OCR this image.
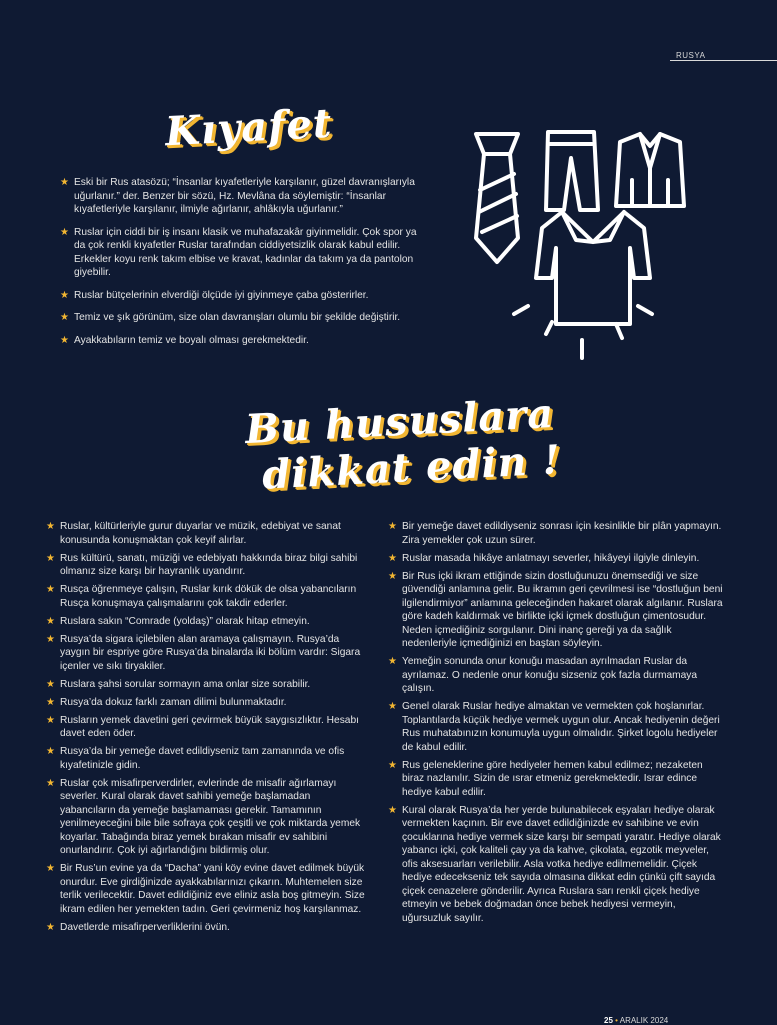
RUSYA
Kıyafet
★ Eski bir Rus atasözü; “İnsanlar kıyafetleriyle karşılanır, güzel davranışlarıyla uğurlanır.” der. Benzer bir sözü, Hz. Mevlâna da söylemiştir: “İnsanlar kıyafetleriyle karşılanır, ilmiyle ağırlanır, ahlâkıyla uğurlanır.”
★ Ruslar için ciddi bir iş insanı klasik ve muhafazakâr giyinmelidir. Çok spor ya da çok renkli kıyafetler Ruslar tarafından ciddiyetsizlik olarak kabul edilir. Erkekler koyu renk takım elbise ve kravat, kadınlar da takım ya da pantolon giyebilir.
★ Ruslar bütçelerinin elverdiği ölçüde iyi giyinmeye çaba gösterirler.
★ Temiz ve şık görünüm, size olan davranışları olumlu bir şekilde değiştirir.
★ Ayakkabıların temiz ve boyalı olması gerekmektedir.
Bu hususlara
dikkat edin !
★ Ruslar, kültürleriyle gurur duyarlar ve müzik, edebiyat ve sanat konusunda konuşmaktan çok keyif alırlar.
★ Rus kültürü, sanatı, müziği ve edebiyatı hakkında biraz bilgi sahibi olmanız size karşı bir hayranlık uyandırır.
★ Rusça öğrenmeye çalışın, Ruslar kırık dökük de olsa yabancıların Rusça konuşmaya çalışmalarını çok takdir ederler.
★ Ruslara sakın “Comrade (yoldaş)” olarak hitap etmeyin.
★ Rusya’da sigara içilebilen alan aramaya çalışmayın. Rusya’da yaygın bir espriye göre Rusya’da binalarda iki bölüm vardır: Sigara içenler ve sıkı tiryakiler.
★ Ruslara şahsi sorular sormayın ama onlar size sorabilir.
★ Rusya’da dokuz farklı zaman dilimi bulunmaktadır.
★ Rusların yemek davetini geri çevirmek büyük saygısızlıktır. Hesabı davet eden öder.
★ Rusya’da bir yemeğe davet edildiyseniz tam zamanında ve ofis kıyafetinizle gidin.
★ Ruslar çok misafirperverdirler, evlerinde de misafir ağırlamayı severler. Kural olarak davet sahibi yemeğe başlamadan yabancıların da yemeğe başlamaması gerekir. Tamamının yenilmeyeceğini bile bile sofraya çok çeşitli ve çok miktarda yemek koyarlar. Tabağında biraz yemek bırakan misafir ev sahibini onurlandırır. Çok iyi ağırlandığını bildirmiş olur.
★ Bir Rus’un evine ya da “Dacha” yani köy evine davet edilmek büyük onurdur. Eve girdiğinizde ayakkabılarınızı çıkarın. Muhtemelen size terlik verilecektir. Davet edildiğiniz eve eliniz asla boş gitmeyin. Size ikram edilen her yemekten tadın. Geri çevirmeniz hoş karşılanmaz.
★ Davetlerde misafirperverliklerini övün.
★ Bir yemeğe davet edildiyseniz sonrası için kesinlikle bir plân yapmayın. Zira yemekler çok uzun sürer.
★ Ruslar masada hikâye anlatmayı severler, hikâyeyi ilgiyle dinleyin.
★ Bir Rus içki ikram ettiğinde sizin dostluğunuzu önemsediği ve size güvendiği anlamına gelir. Bu ikramın geri çevrilmesi ise “dostluğun beni ilgilendirmiyor” anlamına geleceğinden hakaret olarak algılanır. Ruslara göre kadeh kaldırmak ve birlikte içki içmek dostluğun çimentosudur. Neden içmediğiniz sorgulanır. Dini inanç gereği ya da sağlık nedenleriyle içmediğinizi en baştan söyleyin.
★ Yemeğin sonunda onur konuğu masadan ayrılmadan Ruslar da ayrılamaz. O nedenle onur konuğu sizseniz çok fazla durmamaya çalışın.
★ Genel olarak Ruslar hediye almaktan ve vermekten çok hoşlanırlar. Toplantılarda küçük hediye vermek uygun olur. Ancak hediyenin değeri Rus muhatabınızın konumuyla uygun olmalıdır. Şirket logolu hediyeler de kabul edilir.
★ Rus geleneklerine göre hediyeler hemen kabul edilmez; nezaketen biraz nazlanılır. Sizin de ısrar etmeniz gerekmektedir. Israr edince hediye kabul edilir.
★ Kural olarak Rusya’da her yerde bulunabilecek eşyaları hediye olarak vermekten kaçının. Bir eve davet edildiğinizde ev sahibine ve evin çocuklarına hediye vermek size karşı bir sempati yaratır. Hediye olarak yabancı içki, çok kaliteli çay ya da kahve, çikolata, egzotik meyveler, ofis aksesuarları verilebilir. Asla votka hediye edilmemelidir. Çiçek hediye edecekseniz tek sayıda olmasına dikkat edin çünkü çift sayıda çiçek cenazelere gönderilir. Ayrıca Ruslara sarı renkli çiçek hediye etmeyin ve bebek doğmadan önce bebek hediyesi vermeyin, uğursuzluk sayılır.
25 • ARALIK 2024
